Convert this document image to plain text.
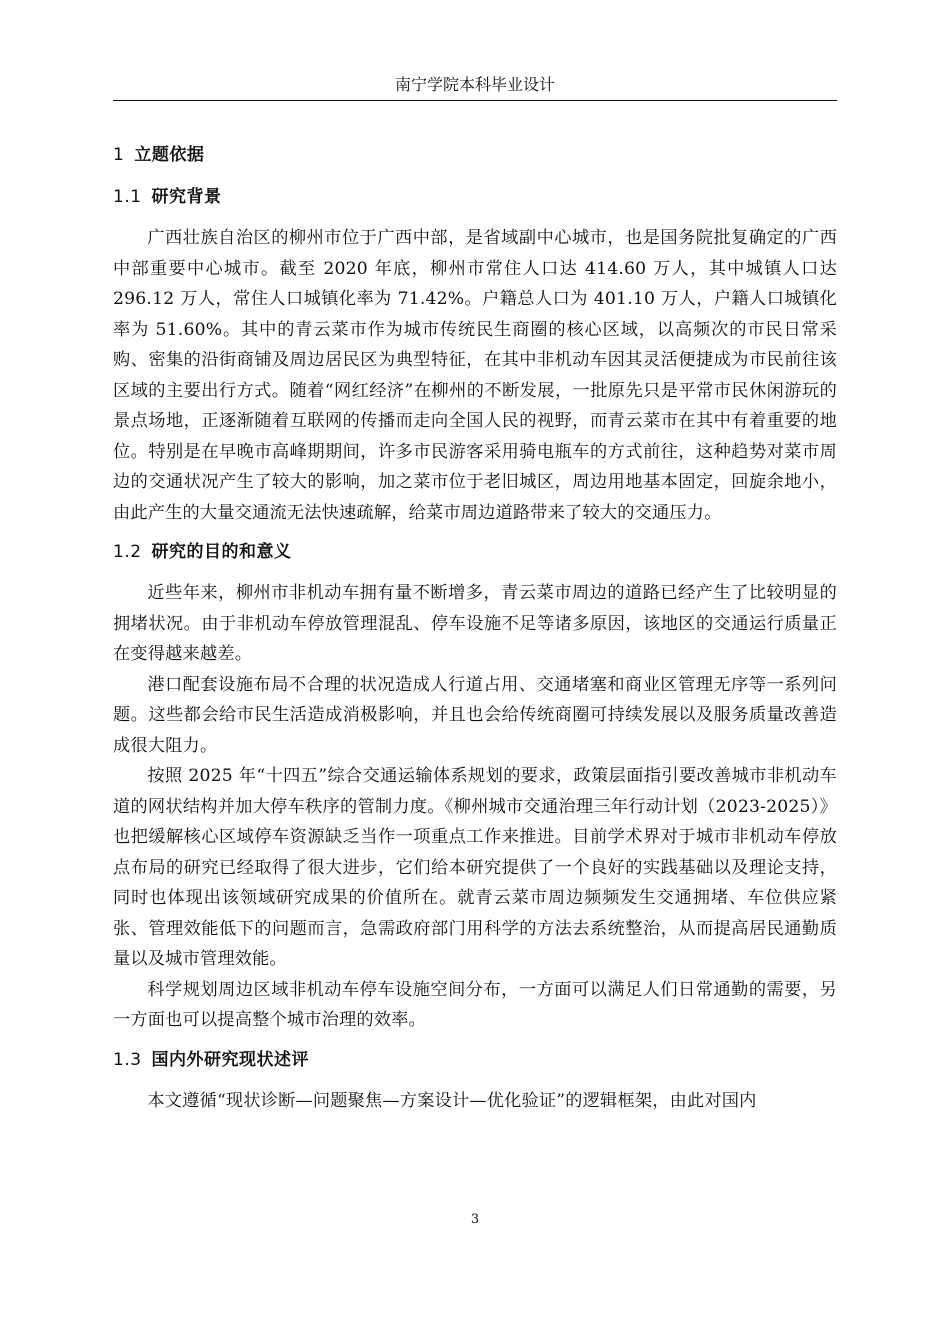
南宁学院本科毕业设计
1 立题依据
1.1 研究背景

广西壮族自治区的柳州市位于广西中部，是省域副中心城市，也是国务院批复确定的广西中部重要中心城市。截至 2020 年底，柳州市常住人口达 414.60 万人，其中城镇人口达 296.12 万人，常住人口城镇化率为 71.42%。户籍总人口为 401.10 万人，户籍人口城镇化率为 51.60%。其中的青云菜市作为城市传统民生商圈的核心区域，以高频次的市民日常采购、密集的沿街商铺及周边居民区为典型特征，在其中非机动车因其灵活便捷成为市民前往该区域的主要出行方式。随着“网红经济”在柳州的不断发展，一批原先只是平常市民休闲游玩的景点场地，正逐渐随着互联网的传播而走向全国人民的视野，而青云菜市在其中有着重要的地位。特别是在早晚市高峰期期间，许多市民游客采用骑电瓶车的方式前往，这种趋势对菜市周边的交通状况产生了较大的影响，加之菜市位于老旧城区，周边用地基本固定，回旋余地小，由此产生的大量交通流无法快速疏解，给菜市周边道路带来了较大的交通压力。

1.2 研究的目的和意义

近些年来，柳州市非机动车拥有量不断增多，青云菜市周边的道路已经产生了比较明显的拥堵状况。由于非机动车停放管理混乱、停车设施不足等诸多原因，该地区的交通运行质量正在变得越来越差。

港口配套设施布局不合理的状况造成人行道占用、交通堵塞和商业区管理无序等一系列问题。这些都会给市民生活造成消极影响，并且也会给传统商圈可持续发展以及服务质量改善造成很大阻力。

按照 2025 年“十四五”综合交通运输体系规划的要求，政策层面指引要改善城市非机动车道的网状结构并加大停车秩序的管制力度。《柳州城市交通治理三年行动计划（2023-2025）》也把缓解核心区域停车资源缺乏当作一项重点工作来推进。目前学术界对于城市非机动车停放点布局的研究已经取得了很大进步，它们给本研究提供了一个良好的实践基础以及理论支持，同时也体现出该领域研究成果的价值所在。就青云菜市周边频频发生交通拥堵、车位供应紧张、管理效能低下的问题而言，急需政府部门用科学的方法去系统整治，从而提高居民通勤质量以及城市管理效能。

科学规划周边区域非机动车停车设施空间分布，一方面可以满足人们日常通勤的需要，另一方面也可以提高整个城市治理的效率。

1.3 国内外研究现状述评

本文遵循“现状诊断—问题聚焦—方案设计—优化验证”的逻辑框架，由此对国内

3
